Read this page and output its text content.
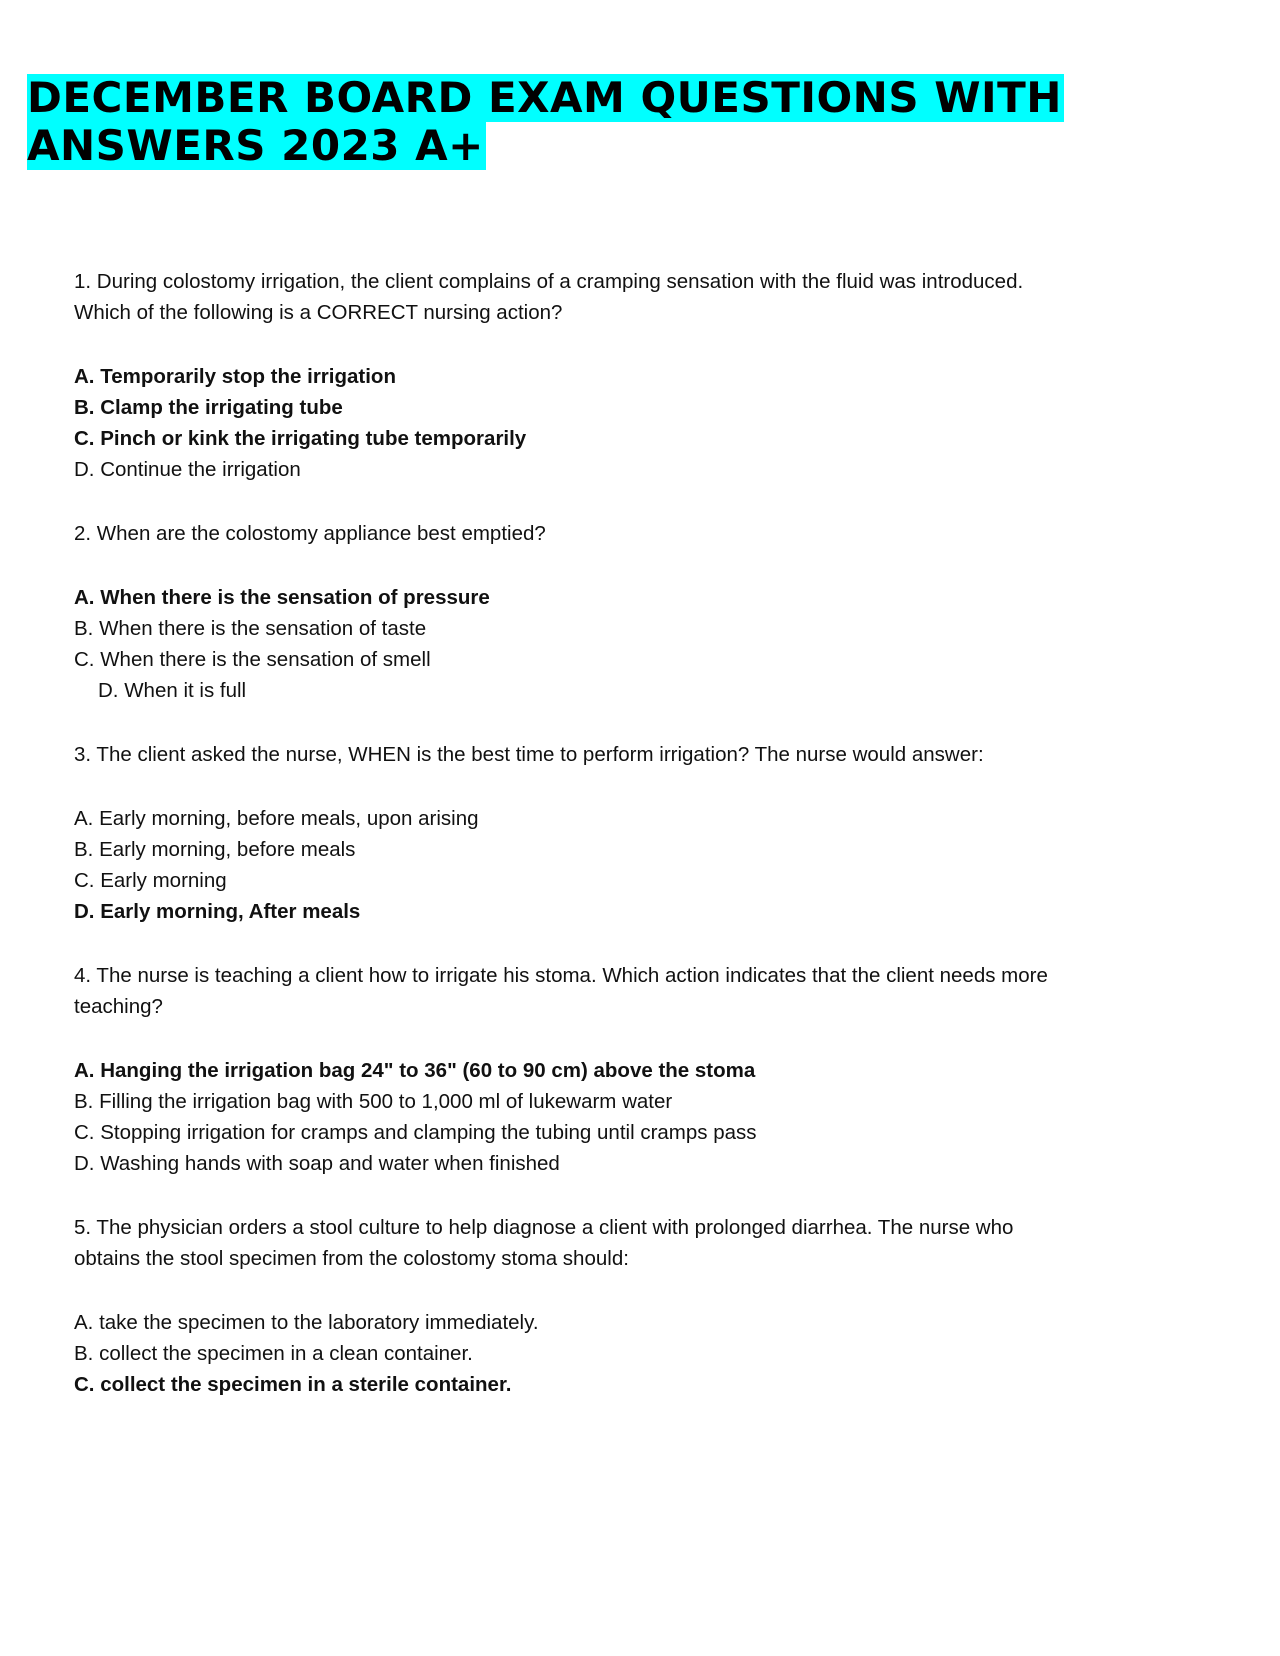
DECEMBER BOARD EXAM QUESTIONS WITH
ANSWERS 2023 A+

1. During colostomy irrigation, the client complains of a cramping sensation with the fluid was introduced. Which of the following is a CORRECT nursing action?

A. Temporarily stop the irrigation
B. Clamp the irrigating tube
C. Pinch or kink the irrigating tube temporarily
D. Continue the irrigation

2. When are the colostomy appliance best emptied?

A. When there is the sensation of pressure
B. When there is the sensation of taste
C. When there is the sensation of smell
D. When it is full

3. The client asked the nurse, WHEN is the best time to perform irrigation? The nurse would answer:

A. Early morning, before meals, upon arising
B. Early morning, before meals
C. Early morning
D. Early morning, After meals

4. The nurse is teaching a client how to irrigate his stoma. Which action indicates that the client needs more teaching?

A. Hanging the irrigation bag 24" to 36" (60 to 90 cm) above the stoma
B. Filling the irrigation bag with 500 to 1,000 ml of lukewarm water
C. Stopping irrigation for cramps and clamping the tubing until cramps pass
D. Washing hands with soap and water when finished

5. The physician orders a stool culture to help diagnose a client with prolonged diarrhea. The nurse who obtains the stool specimen from the colostomy stoma should:

A. take the specimen to the laboratory immediately.
B. collect the specimen in a clean container.
C. collect the specimen in a sterile container.
